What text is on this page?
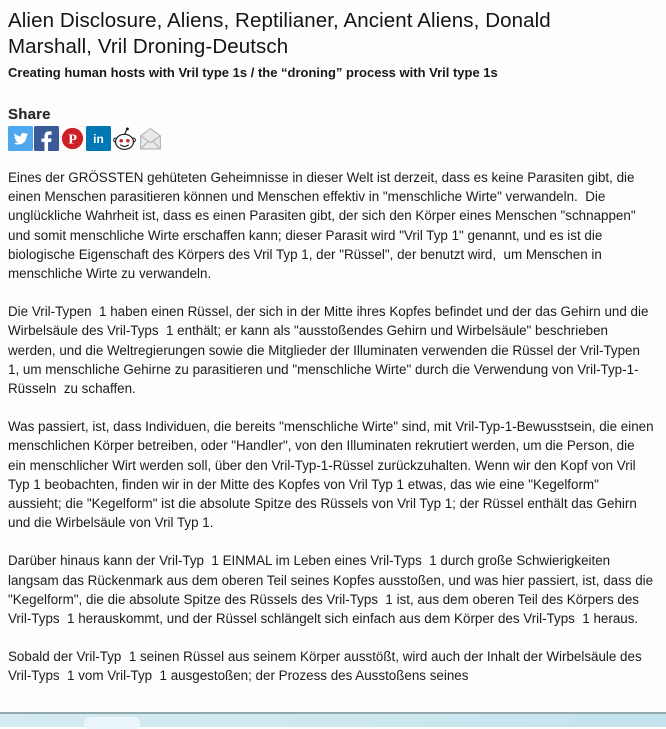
Alien Disclosure, Aliens, Reptilianer, Ancient Aliens, Donald Marshall, Vril Droning-Deutsch
Creating human hosts with Vril type 1s / the “droning” process with Vril type 1s
Share
P in

Eines der GRÖSSTEN gehüteten Geheimnisse in dieser Welt ist derzeit, dass es keine Parasiten gibt, die einen Menschen parasitieren können und Menschen effektiv in "menschliche Wirte" verwandeln.  Die unglückliche Wahrheit ist, dass es einen Parasiten gibt, der sich den Körper eines Menschen "schnappen" und somit menschliche Wirte erschaffen kann; dieser Parasit wird "Vril Typ 1" genannt, und es ist die biologische Eigenschaft des Körpers des Vril Typ 1, der "Rüssel", der benutzt wird,  um Menschen in menschliche Wirte zu verwandeln.

Die Vril-Typen  1 haben einen Rüssel, der sich in der Mitte ihres Kopfes befindet und der das Gehirn und die Wirbelsäule des Vril-Typs  1 enthält; er kann als "ausstoßendes Gehirn und Wirbelsäule" beschrieben werden, und die Weltregierungen sowie die Mitglieder der Illuminaten verwenden die Rüssel der Vril-Typen  1, um menschliche Gehirne zu parasitieren und "menschliche Wirte" durch die Verwendung von Vril-Typ-1-Rüsseln  zu schaffen.

Was passiert, ist, dass Individuen, die bereits "menschliche Wirte" sind, mit Vril-Typ-1-Bewusstsein, die einen menschlichen Körper betreiben, oder "Handler", von den Illuminaten rekrutiert werden, um die Person, die ein menschlicher Wirt werden soll, über den Vril-Typ-1-Rüssel zurückzuhalten. Wenn wir den Kopf von Vril Typ 1 beobachten, finden wir in der Mitte des Kopfes von Vril Typ 1 etwas, das wie eine "Kegelform" aussieht; die "Kegelform" ist die absolute Spitze des Rüssels von Vril Typ 1; der Rüssel enthält das Gehirn und die Wirbelsäule von Vril Typ 1.

Darüber hinaus kann der Vril-Typ  1 EINMAL im Leben eines Vril-Typs  1 durch große Schwierigkeiten langsam das Rückenmark aus dem oberen Teil seines Kopfes ausstoßen, und was hier passiert, ist, dass die "Kegelform", die die absolute Spitze des Rüssels des Vril-Typs  1 ist, aus dem oberen Teil des Körpers des Vril-Typs  1 herauskommt, und der Rüssel schlängelt sich einfach aus dem Körper des Vril-Typs  1 heraus.

Sobald der Vril-Typ  1 seinen Rüssel aus seinem Körper ausstößt, wird auch der Inhalt der Wirbelsäule des Vril-Typs  1 vom Vril-Typ  1 ausgestoßen; der Prozess des Ausstoßens seines
